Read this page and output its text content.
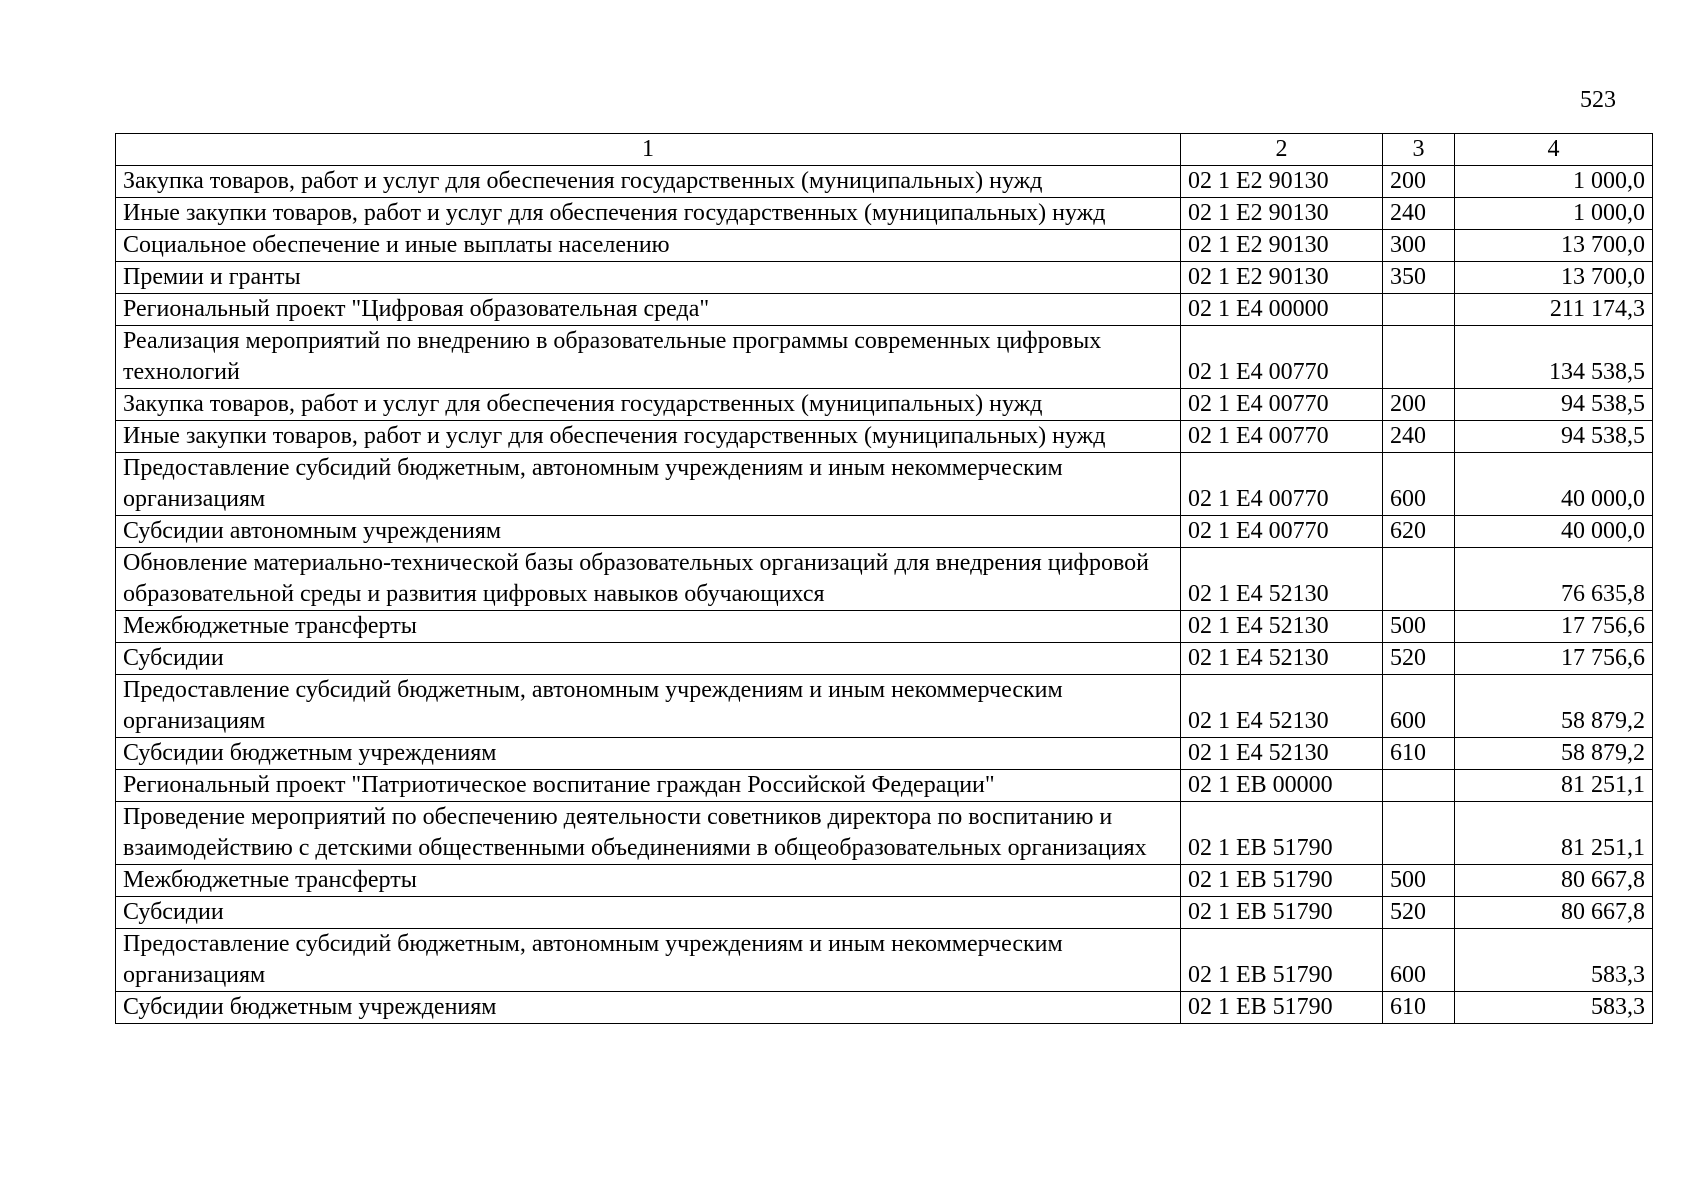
523
1	2	3	4
Закупка товаров, работ и услуг для обеспечения государственных (муниципальных) нужд	02 1 Е2 90130	200	1 000,0
Иные закупки товаров, работ и услуг для обеспечения государственных (муниципальных) нужд	02 1 Е2 90130	240	1 000,0
Социальное обеспечение и иные выплаты населению	02 1 Е2 90130	300	13 700,0
Премии и гранты	02 1 Е2 90130	350	13 700,0
Региональный проект "Цифровая образовательная среда"	02 1 Е4 00000		211 174,3
Реализация мероприятий по внедрению в образовательные программы современных цифровых технологий	02 1 Е4 00770		134 538,5
Закупка товаров, работ и услуг для обеспечения государственных (муниципальных) нужд	02 1 Е4 00770	200	94 538,5
Иные закупки товаров, работ и услуг для обеспечения государственных (муниципальных) нужд	02 1 Е4 00770	240	94 538,5
Предоставление субсидий бюджетным, автономным учреждениям и иным некоммерческим организациям	02 1 Е4 00770	600	40 000,0
Субсидии автономным учреждениям	02 1 Е4 00770	620	40 000,0
Обновление материально-технической базы образовательных организаций для внедрения цифровой образовательной среды и развития цифровых навыков обучающихся	02 1 Е4 52130		76 635,8
Межбюджетные трансферты	02 1 Е4 52130	500	17 756,6
Субсидии	02 1 Е4 52130	520	17 756,6
Предоставление субсидий бюджетным, автономным учреждениям и иным некоммерческим организациям	02 1 Е4 52130	600	58 879,2
Субсидии бюджетным учреждениям	02 1 Е4 52130	610	58 879,2
Региональный проект "Патриотическое воспитание граждан Российской Федерации"	02 1 ЕВ 00000		81 251,1
Проведение мероприятий по обеспечению деятельности советников директора по воспитанию и взаимодействию с детскими общественными объединениями в общеобразовательных организациях	02 1 ЕВ 51790		81 251,1
Межбюджетные трансферты	02 1 ЕВ 51790	500	80 667,8
Субсидии	02 1 ЕВ 51790	520	80 667,8
Предоставление субсидий бюджетным, автономным учреждениям и иным некоммерческим организациям	02 1 ЕВ 51790	600	583,3
Субсидии бюджетным учреждениям	02 1 ЕВ 51790	610	583,3
